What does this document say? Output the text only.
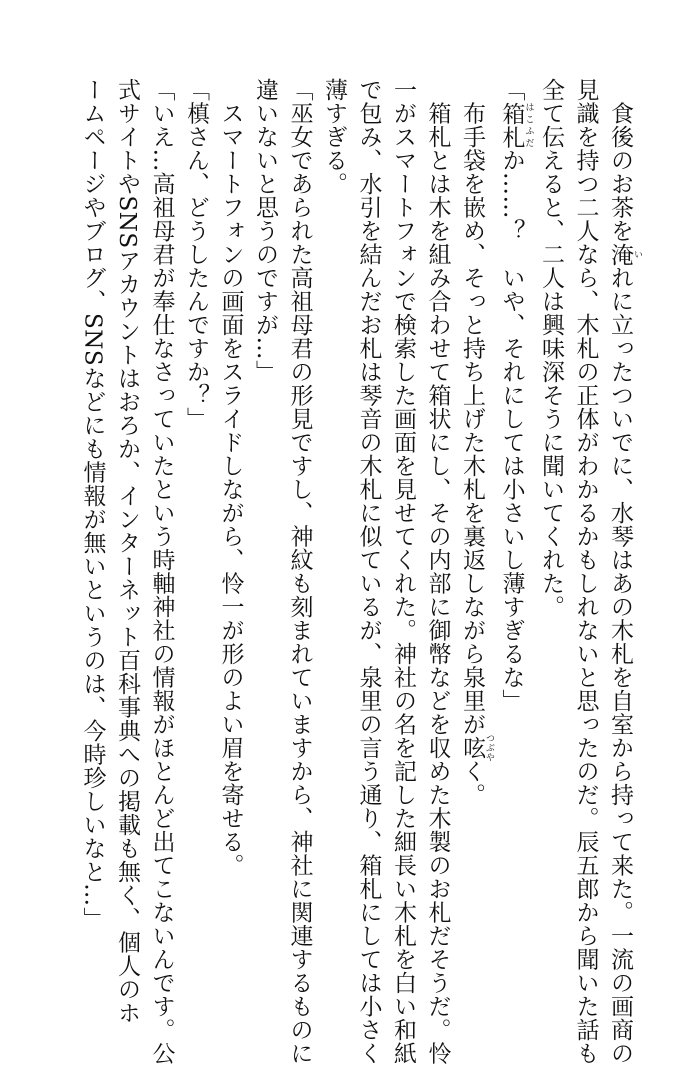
　食後のお茶を淹 いれに立ったついでに、水琴はあの木札を自室から持って来た。一流の画商の

見識を持つ二人なら、木札の正体がわかるかもしれないと思ったのだ。辰五郎から聞いた話も

全て伝えると、二人は興味深そうに聞いてくれた。

「箱札 はこふだか……？　いや、それにしては小さいし薄すぎるな」

　布手袋を嵌め、そっと持ち上げた木札を裏返しながら泉里が呟 つぶやく。

　箱札とは木を組み合わせて箱状にし、その内部に御幣などを収めた木製のお札だそうだ。怜

一がスマートフォンで検索した画面を見せてくれた。神社の名を記した細長い木札を白い和紙

で包み、水引を結んだお札は琴音の木札に似ているが、泉里の言う通り、箱札にしては小さく

薄すぎる。

「巫女であられた高祖母君の形見ですし、神紋も刻まれていますから、神社に関連するものに

違いないと思うのですが…」

　スマートフォンの画面をスライドしながら、怜一が形のよい眉を寄せる。

「槙さん、どうしたんですか？」

「いえ…高祖母君が奉仕なさっていたという時軸神社の情報がほとんど出てこないんです。公

式サイトやSNSアカウントはおろか、インターネット百科事典への掲載も無く、個人のホ

ームページやブログ、SNSなどにも情報が無いというのは、今時珍しいなと…」
